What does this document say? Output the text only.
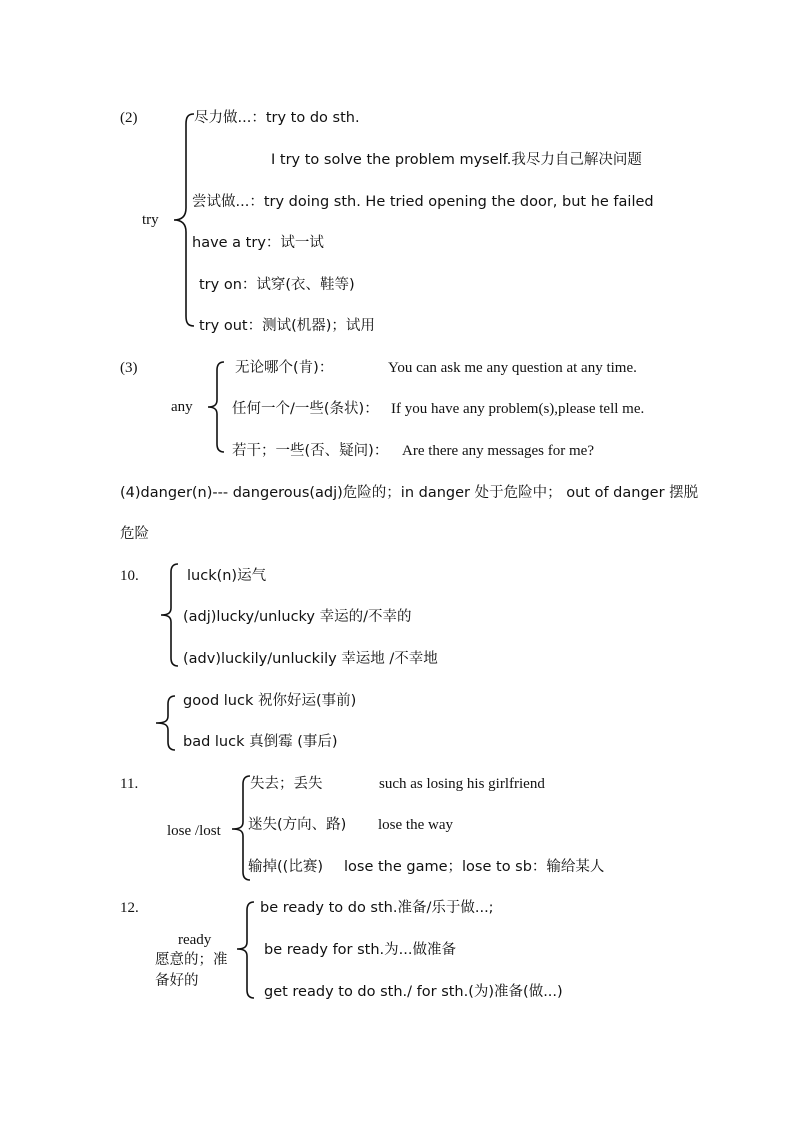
(2)
try
尽力做...：try to do sth.
I try to solve the problem myself.我尽力自己解决问题
尝试做...：try doing sth. He tried opening the door, but he failed
have a try：试一试
try on：试穿(衣、鞋等)
try out：测试(机器)；试用
(3)
any
无论哪个(肯)：	You can ask me any question at any time.
任何一个/一些(条状)： If you have any problem(s),please tell me.
若干；一些(否、疑问)： Are there any messages for me?
(4)danger(n)--- dangerous(adj)危险的；in danger 处于危险中； out of danger 摆脱
危险
10.	luck(n)运气
(adj)lucky/unlucky 幸运的/不幸的
(adv)luckily/unluckily 幸运地 /不幸地
good luck 祝你好运(事前)
bad luck 真倒霉 (事后)
11.
lose /lost
失去；丢失	such as losing his girlfriend
迷失(方向、路) lose the way
输掉((比赛) lose the game；lose to sb：输给某人
12.
ready
愿意的；准
备好的
be ready to do sth.准备/乐于做...;
be ready for sth.为...做准备
get ready to do sth./ for sth.(为)准备(做...)
